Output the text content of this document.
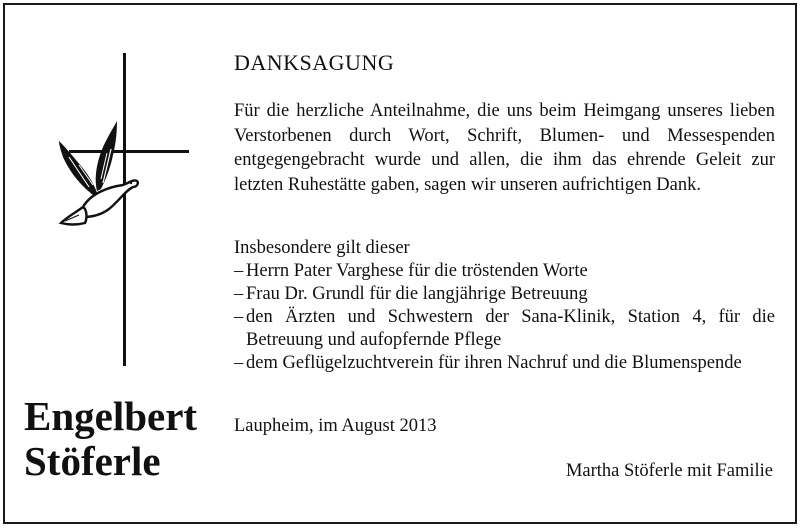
Engelbert
Stöferle
DANKSAGUNG

Für die herzliche Anteilnahme, die uns beim Heimgang unseres lieben Verstorbenen durch Wort, Schrift, Blumen- und Messespenden entgegengebracht wurde und allen, die ihm das ehrende Geleit zur letzten Ruhestätte gaben, sagen wir unseren aufrichtigen Dank.

Insbesondere gilt dieser
– Herrn Pater Varghese für die tröstenden Worte
– Frau Dr. Grundl für die langjährige Betreuung
– den Ärzten und Schwestern der Sana-Klinik, Station 4, für die Betreuung und aufopfernde Pflege
– dem Geflügelzuchtverein für ihren Nachruf und die Blumenspende
Laupheim, im August 2013
Martha Stöferle mit Familie
